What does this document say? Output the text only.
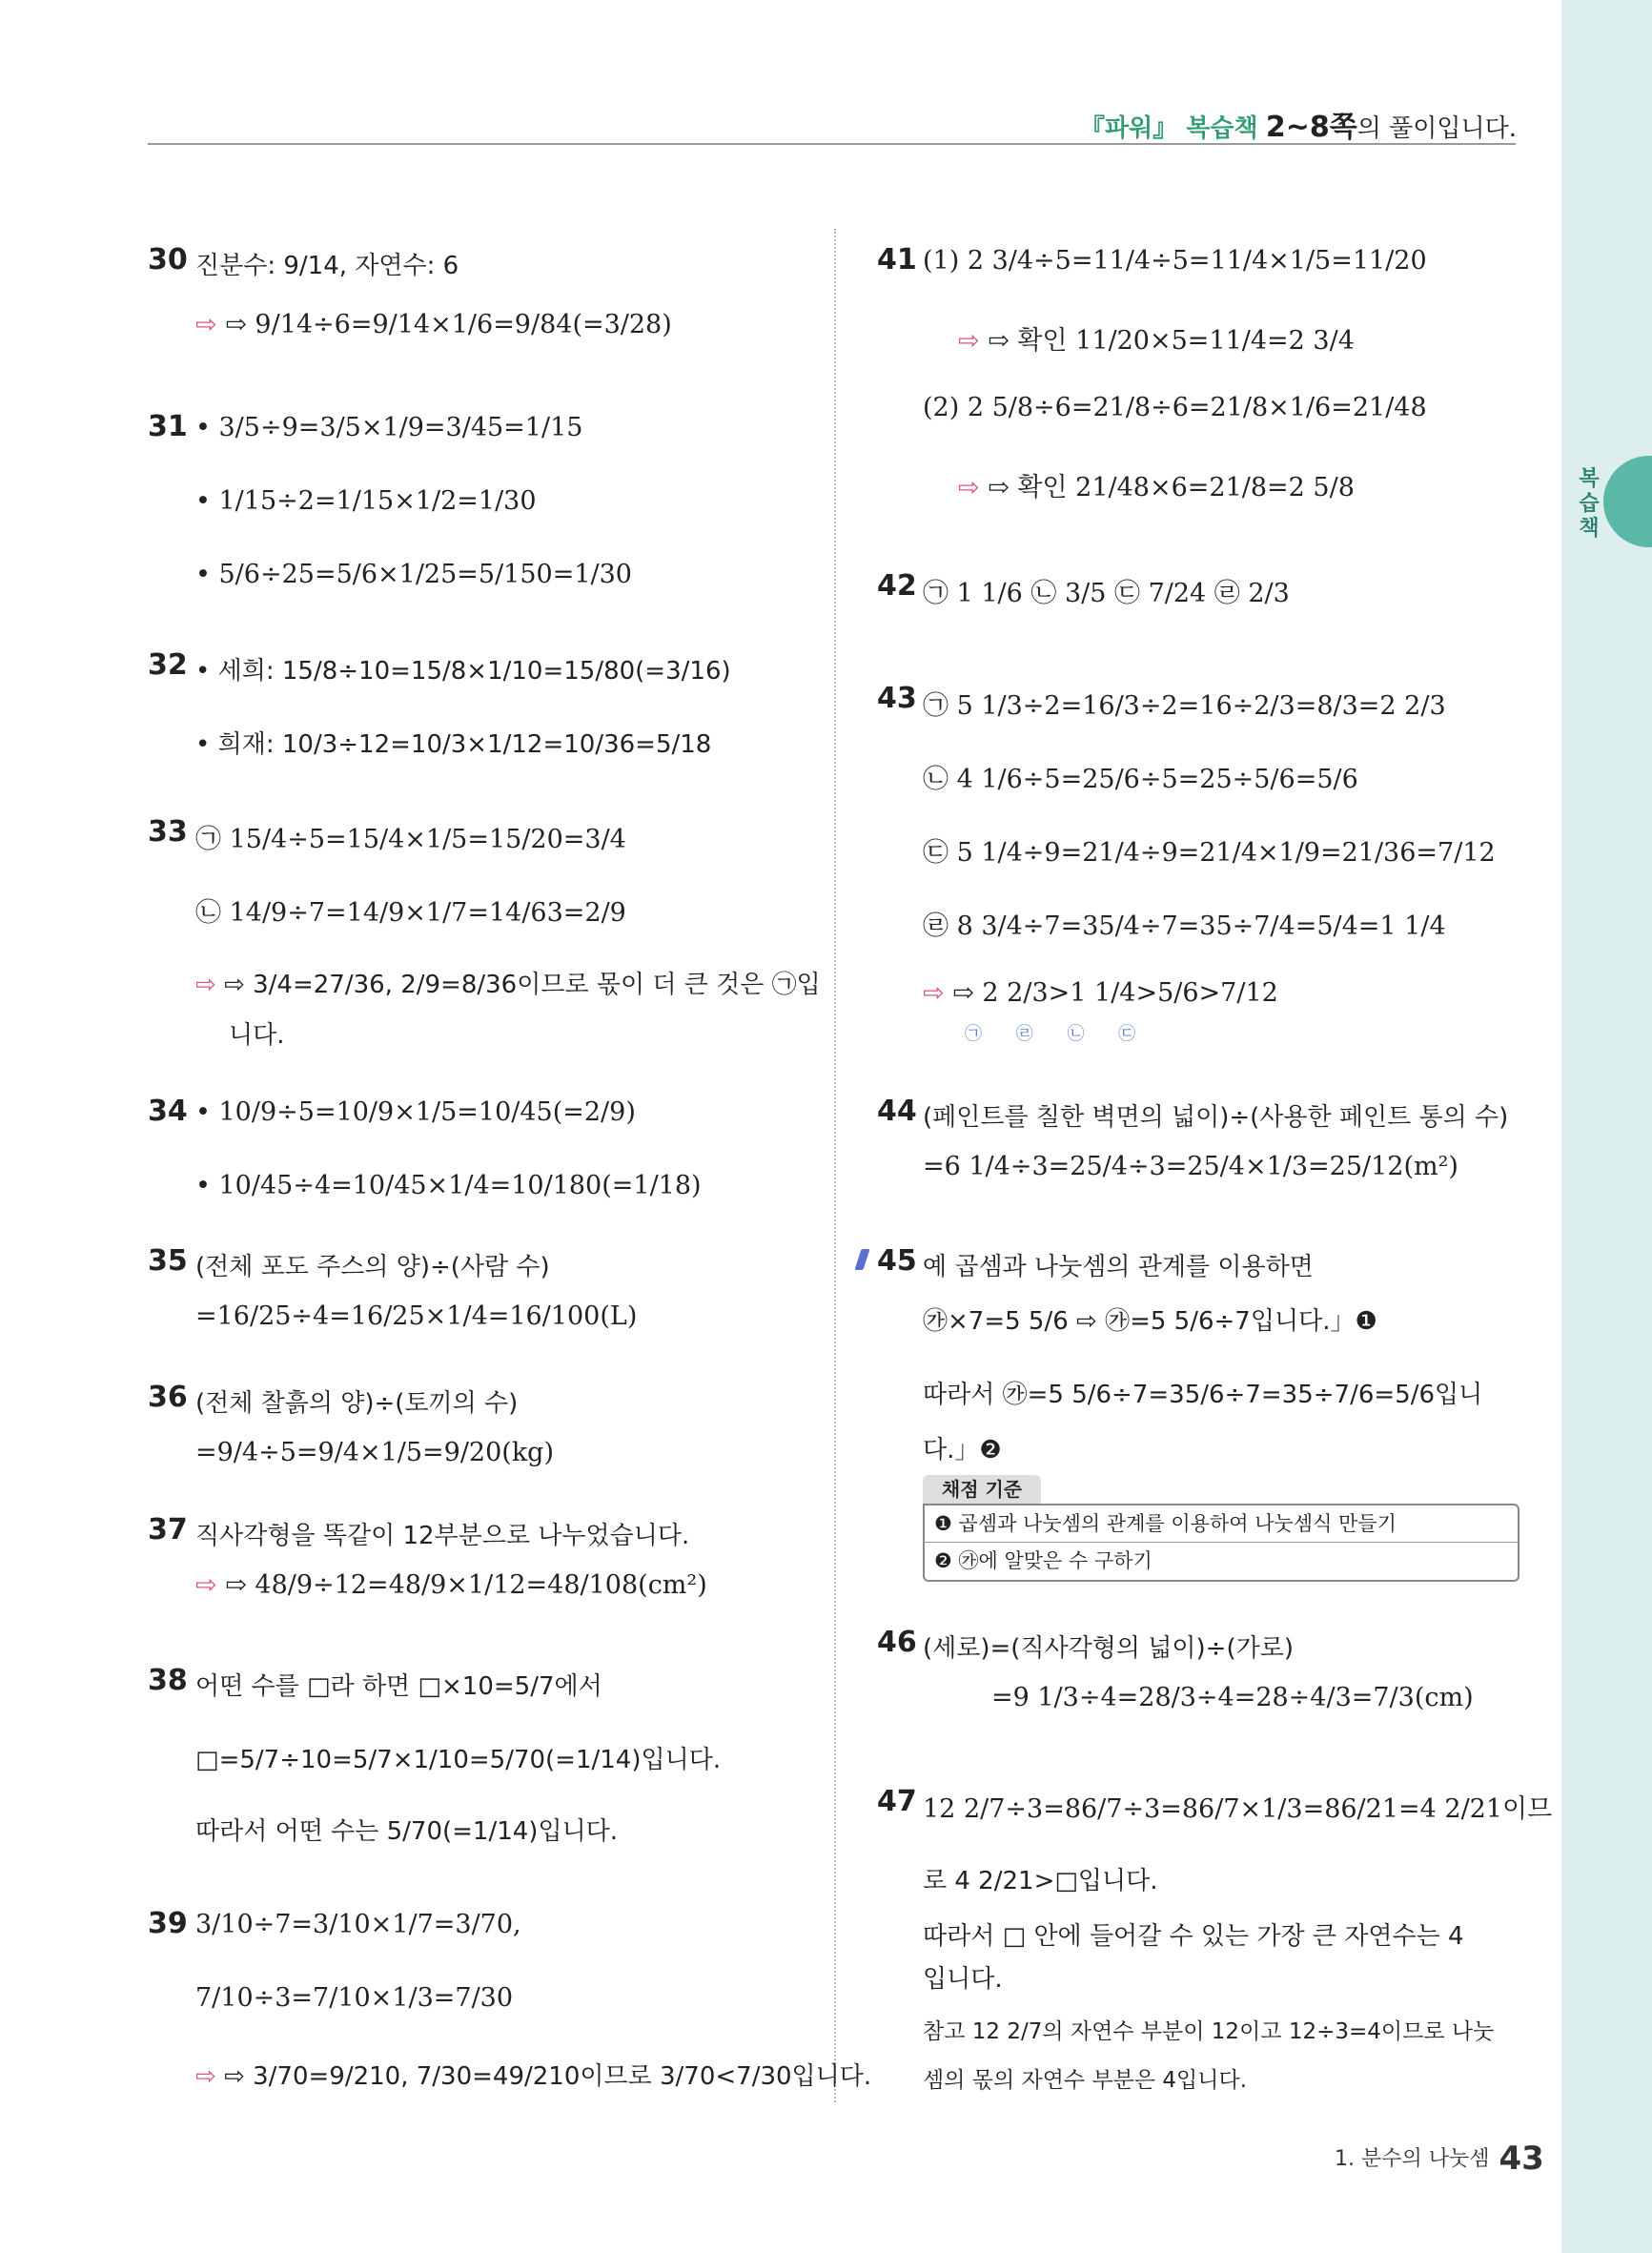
복습책
『파워』 복습책 2~8쪽의 풀이입니다.
30 진분수: 9/14, 자연수: 6
⇨ ⇨ 9/14÷6=9/14×1/6=9/84(=3/28)
31 • 3/5÷9=3/5×1/9=3/45=1/15
• 1/15÷2=1/15×1/2=1/30
• 5/6÷25=5/6×1/25=5/150=1/30
32 • 세희: 15/8÷10=15/8×1/10=15/80(=3/16)
• 희재: 10/3÷12=10/3×1/12=10/36=5/18
33 ㉠ 15/4÷5=15/4×1/5=15/20=3/4
㉡ 14/9÷7=14/9×1/7=14/63=2/9
⇨ ⇨ 3/4=27/36, 2/9=8/36이므로 몫이 더 큰 것은 ㉠입
니다.
34 • 10/9÷5=10/9×1/5=10/45(=2/9)
• 10/45÷4=10/45×1/4=10/180(=1/18)
35 (전체 포도 주스의 양)÷(사람 수)
=16/25÷4=16/25×1/4=16/100(L)
36 (전체 찰흙의 양)÷(토끼의 수)
=9/4÷5=9/4×1/5=9/20(kg)
37 직사각형을 똑같이 12부분으로 나누었습니다.
⇨ ⇨ 48/9÷12=48/9×1/12=48/108(cm²)
38 어떤 수를 □라 하면 □×10=5/7에서
□=5/7÷10=5/7×1/10=5/70(=1/14)입니다.
따라서 어떤 수는 5/70(=1/14)입니다.
39 3/10÷7=3/10×1/7=3/70,
7/10÷3=7/10×1/3=7/30
⇨ ⇨ 3/70=9/210, 7/30=49/210이므로 3/70<7/30입니다.
41 (1) 2 3/4÷5=11/4÷5=11/4×1/5=11/20
⇨ ⇨ 확인 11/20×5=11/4=2 3/4
(2) 2 5/8÷6=21/8÷6=21/8×1/6=21/48
⇨ ⇨ 확인 21/48×6=21/8=2 5/8
42 ㉠ 1 1/6 ㉡ 3/5 ㉢ 7/24 ㉣ 2/3
43 ㉠ 5 1/3÷2=16/3÷2=16÷2/3=8/3=2 2/3
㉡ 4 1/6÷5=25/6÷5=25÷5/6=5/6
㉢ 5 1/4÷9=21/4÷9=21/4×1/9=21/36=7/12
㉣ 8 3/4÷7=35/4÷7=35÷7/4=5/4=1 1/4
⇨ ⇨ 2 2/3>1 1/4>5/6>7/12
㉠ ㉣ ㉡ ㉢
44 (페인트를 칠한 벽면의 넓이)÷(사용한 페인트 통의 수)
=6 1/4÷3=25/4÷3=25/4×1/3=25/12(m²)
45 예 곱셈과 나눗셈의 관계를 이용하면
㉮×7=5 5/6 ⇨ ㉮=5 5/6÷7입니다.」❶
따라서 ㉮=5 5/6÷7=35/6÷7=35÷7/6=5/6입니
다.」❷
채점 기준
❶ 곱셈과 나눗셈의 관계를 이용하여 나눗셈식 만들기
❷ ㉮에 알맞은 수 구하기
46 (세로)=(직사각형의 넓이)÷(가로)
=9 1/3÷4=28/3÷4=28÷4/3=7/3(cm)
47 12 2/7÷3=86/7÷3=86/7×1/3=86/21=4 2/21이므
로 4 2/21>□입니다.
따라서 □ 안에 들어갈 수 있는 가장 큰 자연수는 4
입니다.
참고 12 2/7의 자연수 부분이 12이고 12÷3=4이므로 나눗
셈의 몫의 자연수 부분은 4입니다.
1. 분수의 나눗셈 43
